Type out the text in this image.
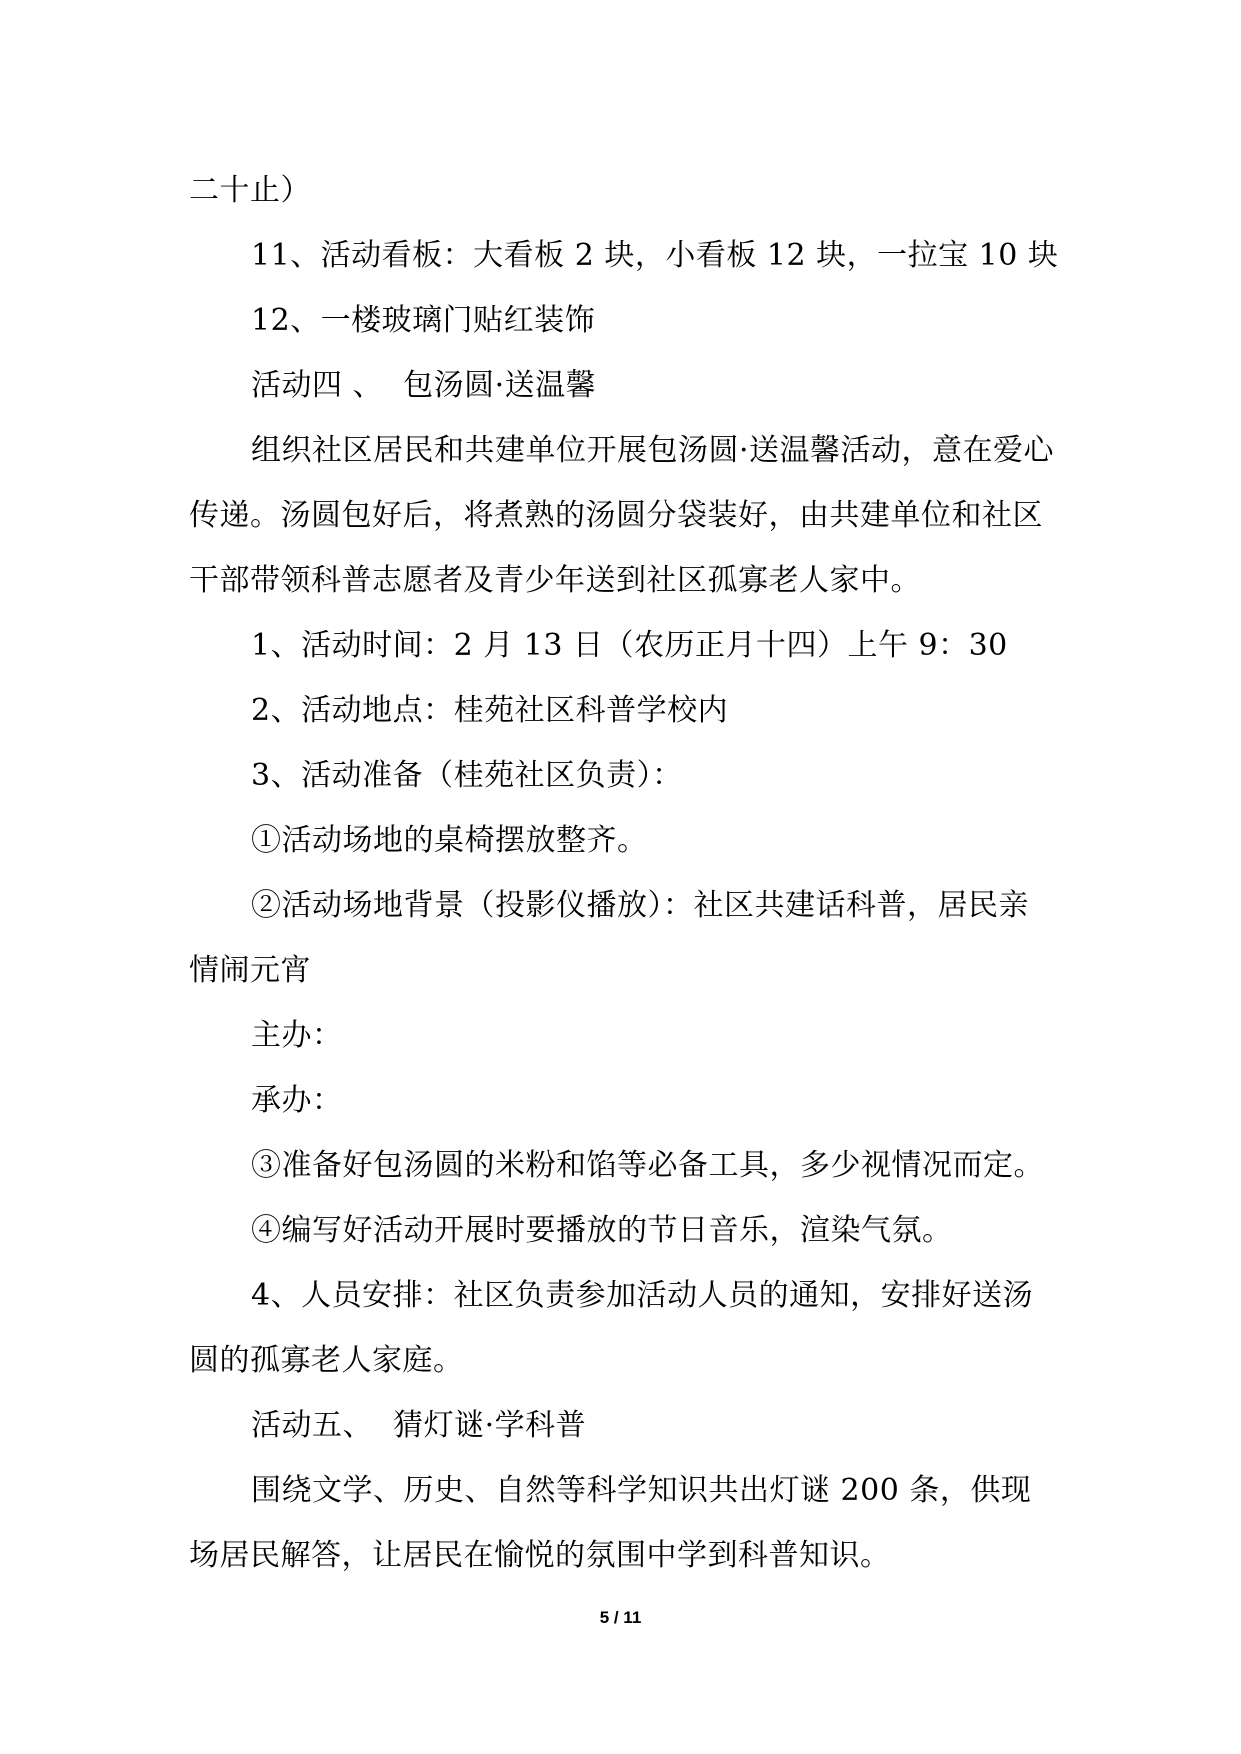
二十止）

11、活动看板：大看板 2 块，小看板 12 块，一拉宝 10 块

12、一楼玻璃门贴红装饰

活动四 、  包汤圆·送温馨

组织社区居民和共建单位开展包汤圆·送温馨活动，意在爱心传递。汤圆包好后，将煮熟的汤圆分袋装好，由共建单位和社区干部带领科普志愿者及青少年送到社区孤寡老人家中。

1、活动时间：2 月 13 日（农历正月十四）上午 9：30

2、活动地点：桂苑社区科普学校内

3、活动准备（桂苑社区负责）：

①活动场地的桌椅摆放整齐。

②活动场地背景（投影仪播放）：社区共建话科普，居民亲情闹元宵

主办：

承办：

③准备好包汤圆的米粉和馅等必备工具，多少视情况而定。

④编写好活动开展时要播放的节日音乐，渲染气氛。

4、人员安排：社区负责参加活动人员的通知，安排好送汤圆的孤寡老人家庭。

活动五、  猜灯谜·学科普

围绕文学、历史、自然等科学知识共出灯谜 200 条，供现场居民解答，让居民在愉悦的氛围中学到科普知识。

5 / 11
